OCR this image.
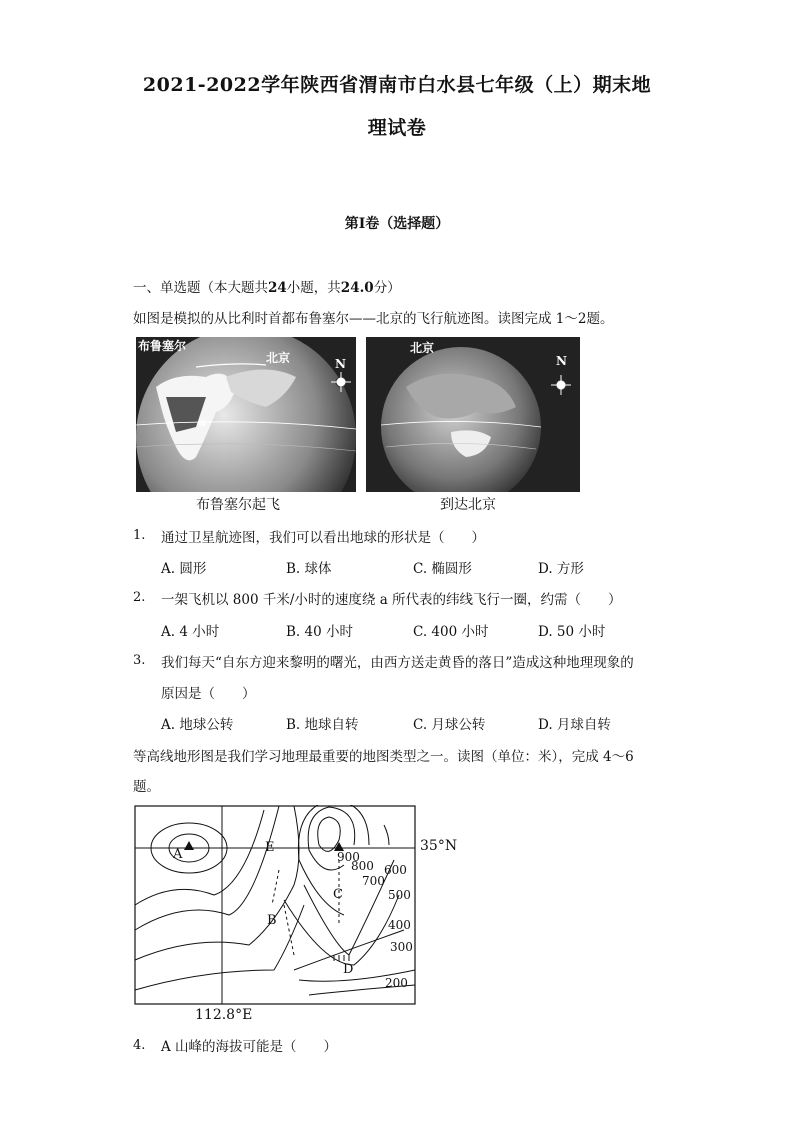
2021-2022学年陕西省渭南市白水县七年级（上）期末地
理试卷
第I卷（选择题）
一、单选题（本大题共24小题，共24.0分）
如图是模拟的从比利时首都布鲁塞尔——北京的飞行航迹图。读图完成 1～2题。
布鲁塞尔
北京
a
N
北京
N
布鲁塞尔起飞	到达北京
1. 通过卫星航迹图，我们可以看出地球的形状是（　　）
A. 圆形	B. 球体	C. 椭圆形	D. 方形
2. 一架飞机以 800 千米/小时的速度绕 a 所代表的纬线飞行一圈，约需（　　）
A. 4 小时	B. 40 小时	C. 400 小时	D. 50 小时
3. 我们每天“自东方迎来黎明的曙光，由西方送走黄昏的落日”造成这种地理现象的
原因是（　　）
A. 地球公转	B. 地球自转	C. 月球公转	D. 月球自转
等高线地形图是我们学习地理最重要的地图类型之一。读图（单位：米），完成 4～6
题。
A	E
C
B
D
900
800
700
600
500
400
300
200
35°N
112.8°E
4. A 山峰的海拔可能是（　　）
